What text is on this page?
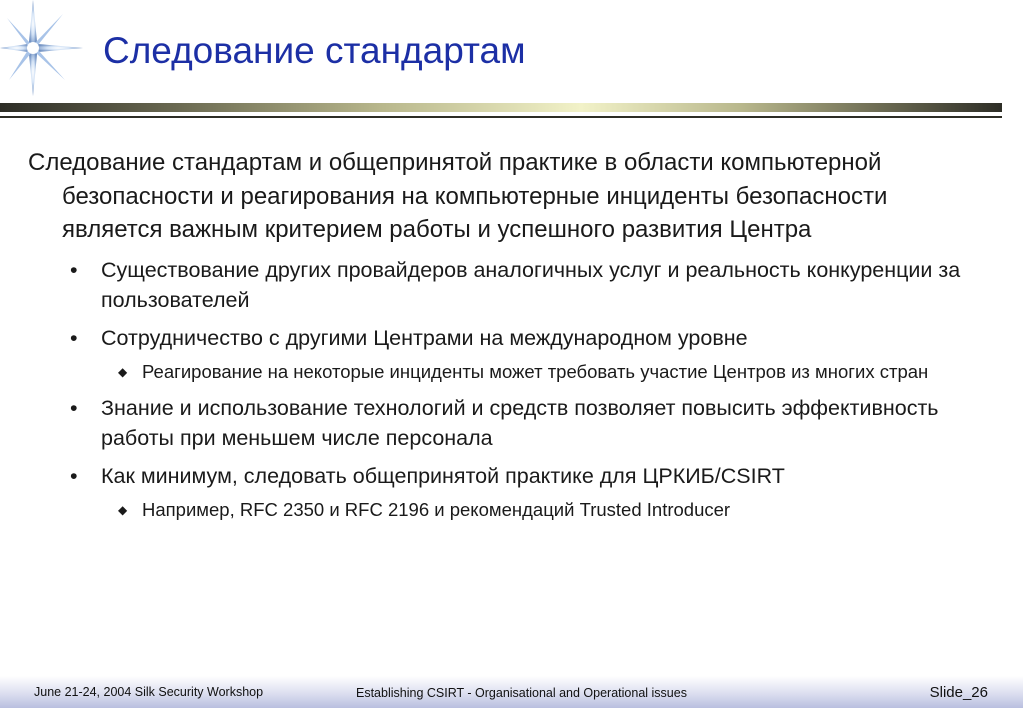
Следование стандартам

Следование стандартам и общепринятой практике в области компьютерной безопасности и реагирования на компьютерные инциденты безопасности является важным критерием работы и успешного развития Центра

• Существование других провайдеров аналогичных услуг и реальность конкуренции за пользователей
• Сотрудничество с другими Центрами на международном уровне
◆ Реагирование на некоторые инциденты может требовать участие Центров из многих стран
• Знание и использование технологий и средств позволяет повысить эффективность работы при меньшем числе персонала
• Как минимум, следовать общепринятой практике для ЦРКИБ/CSIRT
◆ Например, RFC 2350 и RFC 2196 и рекомендаций Trusted Introducer
June 21-24, 2004 Silk Security Workshop	Establishing CSIRT - Organisational and Operational issues	Slide_26
